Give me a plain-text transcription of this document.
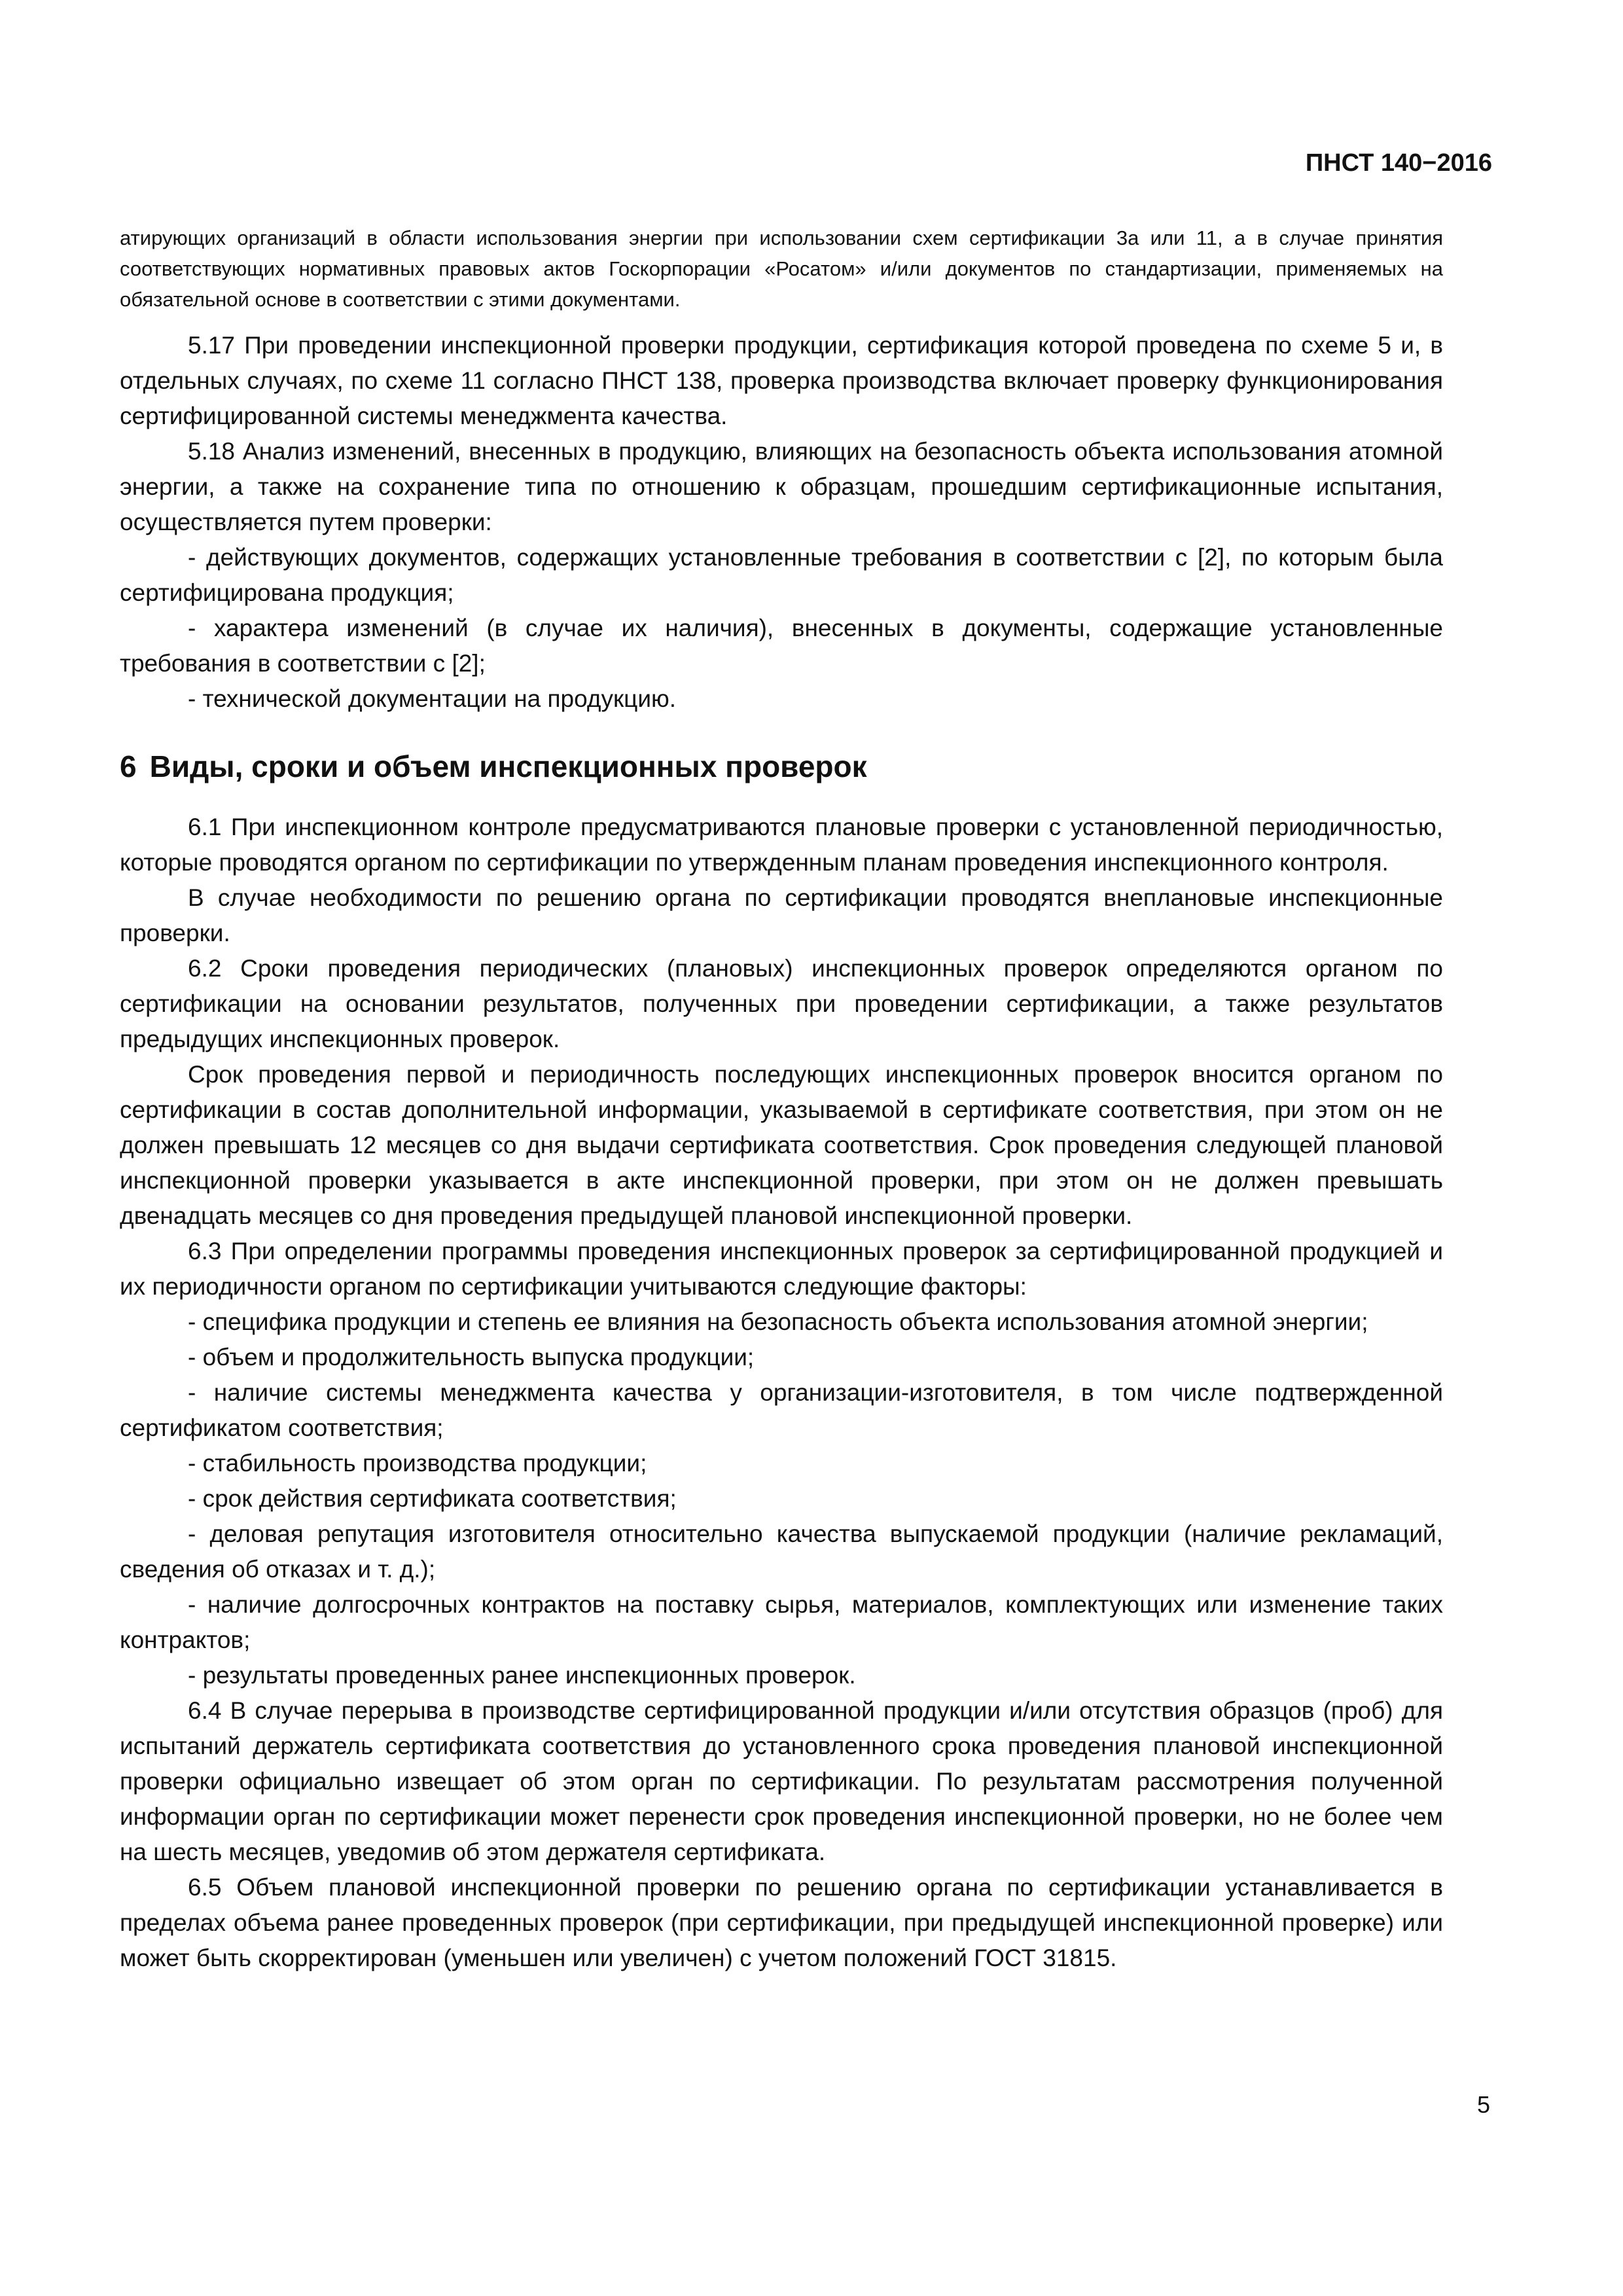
ПНСТ 140−2016

атирующих организаций в области использования энергии при использовании схем сертификации 3а или 11, а в случае принятия соответствующих нормативных правовых актов Госкорпорации «Росатом» и/или документов по стандартизации, применяемых на обязательной основе в соответствии с этими документами.

5.17 При проведении инспекционной проверки продукции, сертификация которой проведена по схеме 5 и, в отдельных случаях, по схеме 11 согласно ПНСТ 138, проверка производства включает проверку функционирования сертифицированной системы менеджмента качества.

5.18 Анализ изменений, внесенных в продукцию, влияющих на безопасность объекта использования атомной энергии, а также на сохранение типа по отношению к образцам, прошедшим сертификационные испытания, осуществляется путем проверки:

- действующих документов, содержащих установленные требования в соответствии с [2], по которым была сертифицирована продукция;

- характера изменений (в случае их наличия), внесенных в документы, содержащие установленные требования в соответствии с [2];

- технической документации на продукцию.

6 Виды, сроки и объем инспекционных проверок

6.1 При инспекционном контроле предусматриваются плановые проверки с установленной периодичностью, которые проводятся органом по сертификации по утвержденным планам проведения инспекционного контроля.

В случае необходимости по решению органа по сертификации проводятся внеплановые инспекционные проверки.

6.2 Сроки проведения периодических (плановых) инспекционных проверок определяются органом по сертификации на основании результатов, полученных при проведении сертификации, а также результатов предыдущих инспекционных проверок.

Срок проведения первой и периодичность последующих инспекционных проверок вносится органом по сертификации в состав дополнительной информации, указываемой в сертификате соответствия, при этом он не должен превышать 12 месяцев со дня выдачи сертификата соответствия. Срок проведения следующей плановой инспекционной проверки указывается в акте инспекционной проверки, при этом он не должен превышать двенадцать месяцев со дня проведения предыдущей плановой инспекционной проверки.

6.3 При определении программы проведения инспекционных проверок за сертифицированной продукцией и их периодичности органом по сертификации учитываются следующие факторы:

- специфика продукции и степень ее влияния на безопасность объекта использования атомной энергии;

- объем и продолжительность выпуска продукции;

- наличие системы менеджмента качества у организации-изготовителя, в том числе подтвержденной сертификатом соответствия;

- стабильность производства продукции;

- срок действия сертификата соответствия;

- деловая репутация изготовителя относительно качества выпускаемой продукции (наличие рекламаций, сведения об отказах и т. д.);

- наличие долгосрочных контрактов на поставку сырья, материалов, комплектующих или изменение таких контрактов;

- результаты проведенных ранее инспекционных проверок.

6.4 В случае перерыва в производстве сертифицированной продукции и/или отсутствия образцов (проб) для испытаний держатель сертификата соответствия до установленного срока проведения плановой инспекционной проверки официально извещает об этом орган по сертификации. По результатам рассмотрения полученной информации орган по сертификации может перенести срок проведения инспекционной проверки, но не более чем на шесть месяцев, уведомив об этом держателя сертификата.

6.5 Объем плановой инспекционной проверки по решению органа по сертификации устанавливается в пределах объема ранее проведенных проверок (при сертификации, при предыдущей инспекционной проверке) или может быть скорректирован (уменьшен или увеличен) с учетом положений ГОСТ 31815.

5
